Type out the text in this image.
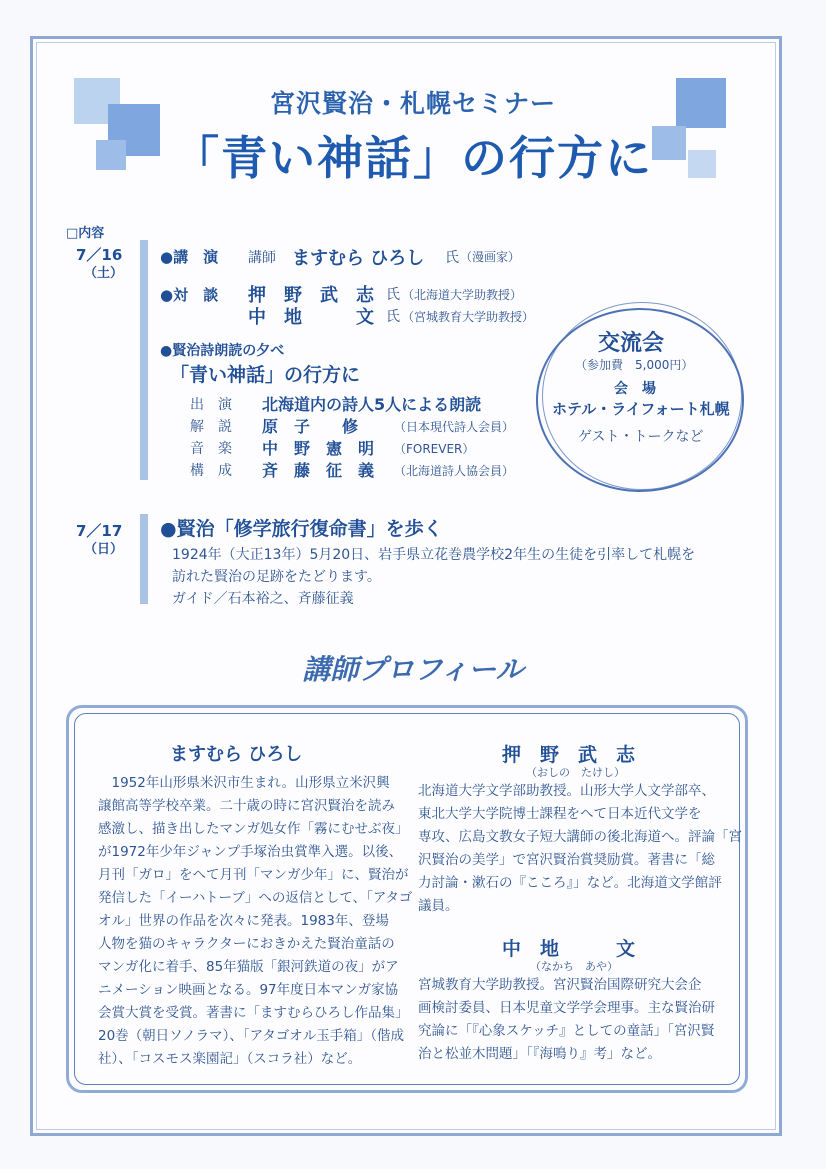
宮沢賢治・札幌セミナー
「青い神話」の行方に
□内容
7／16
（土）
●講　演 講師 ますむら ひろし 氏 （漫画家）
●対　談 押　野　武　志 氏 （北海道大学助教授）
中　地　　　文 氏 （宮城教育大学助教授）
●賢治詩朗読の夕べ
「青い神話」の行方に
出　演 北海道内の詩人5人による朗読
解　説 原　子　　修	（日本現代詩人会員）
音　楽 中　野　憲　明 （FOREVER）
構　成 斉　藤　征　義 （北海道詩人協会員）
交流会
（参加費　5,000円）
会　場
ホテル・ライフォート札幌
ゲスト・トークなど
7／17
（日）
●賢治「修学旅行復命書」を歩く
1924年（大正13年）5月20日、岩手県立花巻農学校2年生の生徒を引率して札幌を
訪れた賢治の足跡をたどります。
ガイド／石本裕之、斉藤征義
講師プロフィール
ますむら ひろし
　1952年山形県米沢市生まれ。山形県立米沢興
譲館高等学校卒業。二十歳の時に宮沢賢治を読み
感激し、描き出したマンガ処女作「霧にむせぶ夜」
が1972年少年ジャンプ手塚治虫賞準入選。以後、
月刊「ガロ」をへて月刊「マンガ少年」に、賢治が
発信した「イーハトーブ」への返信として、「アタゴ
オル」世界の作品を次々に発表。1983年、登場
人物を猫のキャラクターにおきかえた賢治童話の
マンガ化に着手、85年猫版「銀河鉄道の夜」がア
ニメーション映画となる。97年度日本マンガ家協
会賞大賞を受賞。著書に「ますむらひろし作品集」
20巻（朝日ソノラマ）、「アタゴオル玉手箱」（偕成
社）、「コスモス楽園記」（スコラ社）など。
押　野　武　志
（おしの　たけし）
北海道大学文学部助教授。山形大学人文学部卒、
東北大学大学院博士課程をへて日本近代文学を
専攻、広島文教女子短大講師の後北海道へ。評論「宮
沢賢治の美学」で宮沢賢治賞奨励賞。著書に「総
力討論・漱石の『こころ』」など。北海道文学館評
議員。
中　地　　　文
（なかち　あや）
宮城教育大学助教授。宮沢賢治国際研究大会企
画検討委員、日本児童文学学会理事。主な賢治研
究論に「『心象スケッチ』としての童話」「宮沢賢
治と松並木問題」「『海鳴り』考」など。
